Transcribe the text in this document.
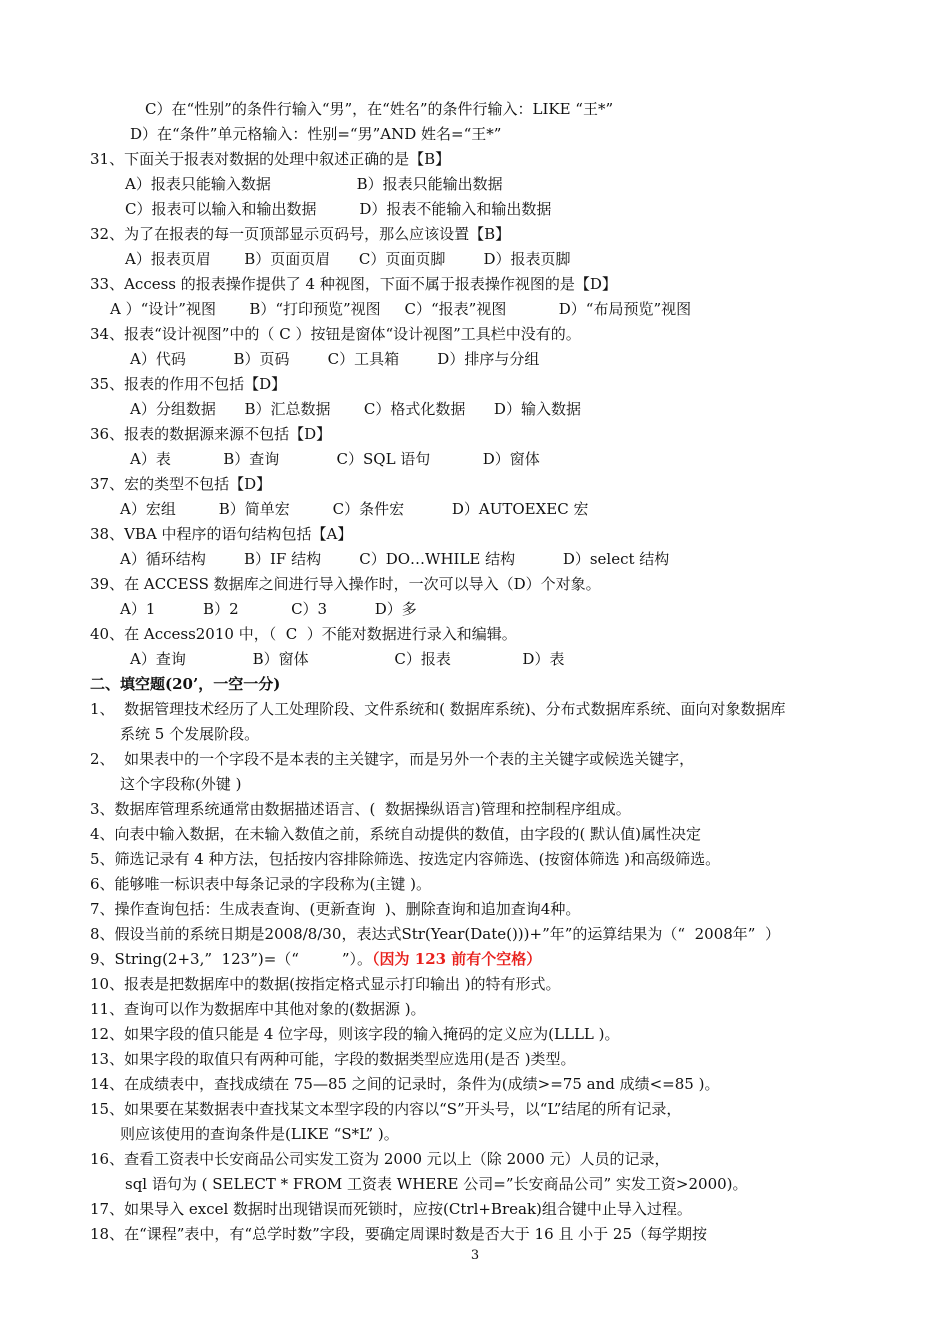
C）在“性别”的条件行输入“男”，在“姓名”的条件行输入：LIKE “王*”
D）在“条件”单元格输入：性别=“男”AND 姓名=“王*”
31、下面关于报表对数据的处理中叙述正确的是【B】
A）报表只能输入数据                  B）报表只能输出数据
C）报表可以输入和输出数据         D）报表不能输入和输出数据
32、为了在报表的每一页顶部显示页码号，那么应该设置【B】
A）报表页眉       B）页面页眉      C）页面页脚        D）报表页脚
33、Access 的报表操作提供了 4 种视图，下面不属于报表操作视图的是【D】
A ）“设计”视图       B）“打印预览”视图     C）“报表”视图           D）“布局预览”视图
34、报表“设计视图”中的（ C ）按钮是窗体“设计视图”工具栏中没有的。
A）代码          B）页码        C）工具箱        D）排序与分组
35、报表的作用不包括【D】
A）分组数据      B）汇总数据       C）格式化数据      D）输入数据
36、报表的数据源来源不包括【D】
A）表           B）查询            C）SQL 语句           D）窗体
37、宏的类型不包括【D】
A）宏组         B）简单宏         C）条件宏          D）AUTOEXEC 宏
38、VBA 中程序的语句结构包括【A】
A）循环结构        B）IF 结构        C）DO…WHILE 结构          D）select 结构
39、在 ACCESS 数据库之间进行导入操作时，一次可以导入（D）个对象。
A）1          B）2           C）3          D）多
40、在 Access2010 中，（  C  ）不能对数据进行录入和编辑。
A）查询              B）窗体                  C）报表               D）表
二、填空题(20’，一空一分)
1、  数据管理技术经历了人工处理阶段、文件系统和( 数据库系统)、分布式数据库系统、面向对象数据库
系统 5 个发展阶段。
2、  如果表中的一个字段不是本表的主关键字，而是另外一个表的主关键字或候选关键字，
这个字段称(外键 )
3、数据库管理系统通常由数据描述语言、(  数据操纵语言)管理和控制程序组成。
4、向表中输入数据，在未输入数值之前，系统自动提供的数值，由字段的( 默认值)属性决定
5、筛选记录有 4 种方法，包括按内容排除筛选、按选定内容筛选、(按窗体筛选 )和高级筛选。
6、能够唯一标识表中每条记录的字段称为(主键 )。
7、操作查询包括：生成表查询、(更新查询  )、删除查询和追加查询4种。
8、假设当前的系统日期是2008/8/30，表达式Str(Year(Date()))+”年”的运算结果为（“  2008年”  ）
9、String(2+3,”  123”)=（“         ”）。（因为 123 前有个空格）
10、报表是把数据库中的数据(按指定格式显示打印输出 )的特有形式。
11、查询可以作为数据库中其他对象的(数据源 )。
12、如果字段的值只能是 4 位字母，则该字段的输入掩码的定义应为(LLLL )。
13、如果字段的取值只有两种可能，字段的数据类型应选用(是否 )类型。
14、在成绩表中，查找成绩在 75—85 之间的记录时，条件为(成绩>=75 and 成绩<=85 )。
15、如果要在某数据表中查找某文本型字段的内容以“S”开头号，以“L”结尾的所有记录，
则应该使用的查询条件是(LIKE “S*L” )。
16、查看工资表中长安商品公司实发工资为 2000 元以上（除 2000 元）人员的记录，
sql 语句为 ( SELECT * FROM 工资表 WHERE 公司=”长安商品公司” 实发工资>2000)。
17、如果导入 excel 数据时出现错误而死锁时，应按(Ctrl+Break)组合键中止导入过程。
18、在“课程”表中，有“总学时数”字段，要确定周课时数是否大于 16 且 小于 25（每学期按
3
